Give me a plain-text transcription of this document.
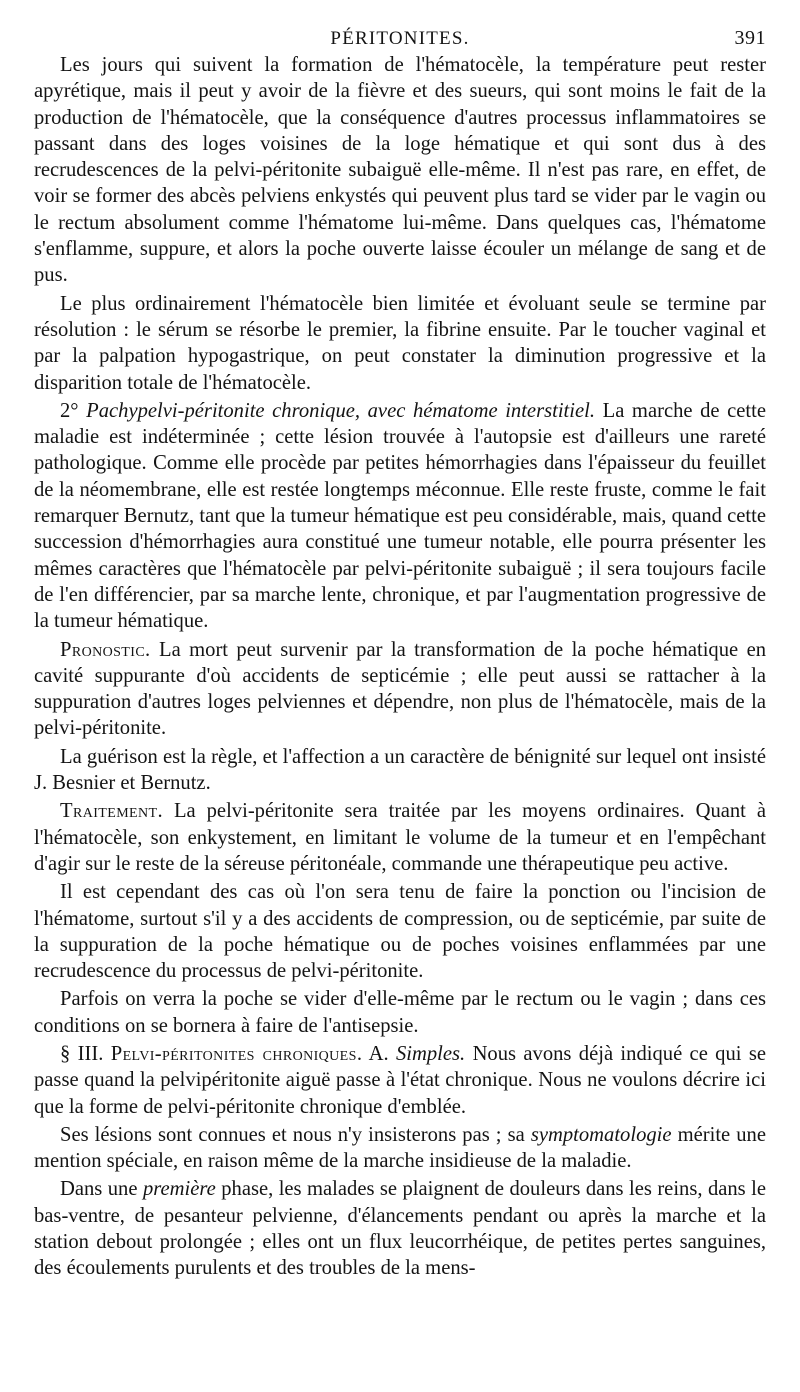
PÉRITONITES.	391

Les jours qui suivent la formation de l'hématocèle, la température peut rester apyrétique, mais il peut y avoir de la fièvre et des sueurs, qui sont moins le fait de la production de l'hématocèle, que la conséquence d'autres processus inflammatoires se passant dans des loges voisines de la loge hématique et qui sont dus à des recrudescences de la pelvi-péritonite subaiguë elle-même. Il n'est pas rare, en effet, de voir se former des abcès pelviens enkystés qui peuvent plus tard se vider par le vagin ou le rectum absolument comme l'hématome lui-même. Dans quelques cas, l'hématome s'enflamme, suppure, et alors la poche ouverte laisse écouler un mélange de sang et de pus.

Le plus ordinairement l'hématocèle bien limitée et évoluant seule se termine par résolution : le sérum se résorbe le premier, la fibrine ensuite. Par le toucher vaginal et par la palpation hypogastrique, on peut constater la diminution progressive et la disparition totale de l'hématocèle.

2° Pachypelvi-péritonite chronique, avec hématome interstitiel. La marche de cette maladie est indéterminée ; cette lésion trouvée à l'autopsie est d'ailleurs une rareté pathologique. Comme elle procède par petites hémorrhagies dans l'épaisseur du feuillet de la néomembrane, elle est restée longtemps méconnue. Elle reste fruste, comme le fait remarquer Bernutz, tant que la tumeur hématique est peu considérable, mais, quand cette succession d'hémorrhagies aura constitué une tumeur notable, elle pourra présenter les mêmes caractères que l'hématocèle par pelvi-péritonite subaiguë ; il sera toujours facile de l'en différencier, par sa marche lente, chronique, et par l'augmentation progressive de la tumeur hématique.

Pronostic. La mort peut survenir par la transformation de la poche hématique en cavité suppurante d'où accidents de septicémie ; elle peut aussi se rattacher à la suppuration d'autres loges pelviennes et dépendre, non plus de l'hématocèle, mais de la pelvi-péritonite.

La guérison est la règle, et l'affection a un caractère de bénignité sur lequel ont insisté J. Besnier et Bernutz.

Traitement. La pelvi-péritonite sera traitée par les moyens ordinaires. Quant à l'hématocèle, son enkystement, en limitant le volume de la tumeur et en l'empêchant d'agir sur le reste de la séreuse péritonéale, commande une thérapeutique peu active.

Il est cependant des cas où l'on sera tenu de faire la ponction ou l'incision de l'hématome, surtout s'il y a des accidents de compression, ou de septicémie, par suite de la suppuration de la poche hématique ou de poches voisines enflammées par une recrudescence du processus de pelvi-péritonite.

Parfois on verra la poche se vider d'elle-même par le rectum ou le vagin ; dans ces conditions on se bornera à faire de l'antisepsie.

§ III. Pelvi-péritonites chroniques. A. Simples. Nous avons déjà indiqué ce qui se passe quand la pelvipéritonite aiguë passe à l'état chronique. Nous ne voulons décrire ici que la forme de pelvi-péritonite chronique d'emblée.

Ses lésions sont connues et nous n'y insisterons pas ; sa symptomatologie mérite une mention spéciale, en raison même de la marche insidieuse de la maladie.

Dans une première phase, les malades se plaignent de douleurs dans les reins, dans le bas-ventre, de pesanteur pelvienne, d'élancements pendant ou après la marche et la station debout prolongée ; elles ont un flux leucorrhéique, de petites pertes sanguines, des écoulements purulents et des troubles de la mens-
